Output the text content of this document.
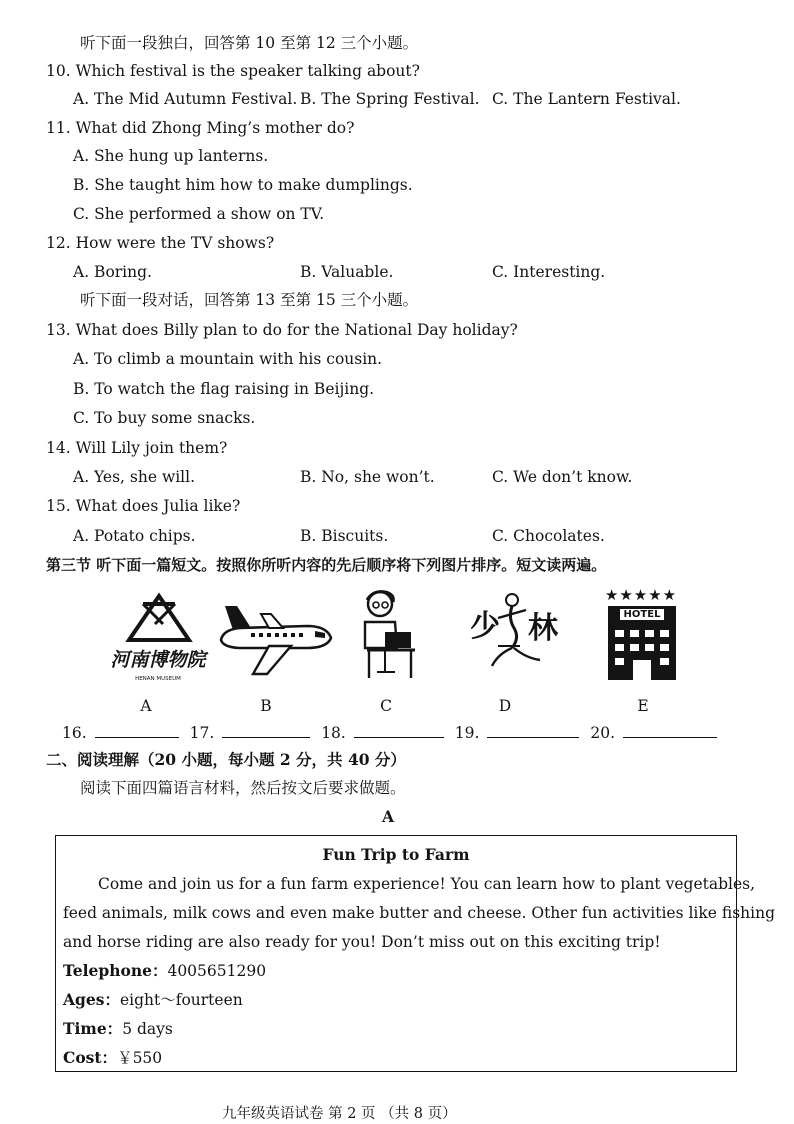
听下面一段独白，回答第 10 至第 12 三个小题。
10. Which festival is the speaker talking about?
A. The Mid Autumn Festival. B. The Spring Festival. C. The Lantern Festival.
11. What did Zhong Ming’s mother do?
A. She hung up lanterns.
B. She taught him how to make dumplings.
C. She performed a show on TV.
12. How were the TV shows?
A. Boring.	B. Valuable.	C. Interesting.
听下面一段对话，回答第 13 至第 15 三个小题。
13. What does Billy plan to do for the National Day holiday?
A. To climb a mountain with his cousin.
B. To watch the flag raising in Beijing.
C. To buy some snacks.
14. Will Lily join them?
A. Yes, she will.	B. No, she won’t.	C. We don’t know.
15. What does Julia like?
A. Potato chips.	B. Biscuits.	C. Chocolates.
第三节 听下面一篇短文。按照你所听内容的先后顺序将下列图片排序。短文读两遍。
河南博物院
HENAN MUSEUM
少 林
★★★★★
HOTEL
A	B	C	D	E
16.	17.	18.	19.	20.
二、阅读理解（20 小题，每小题 2 分，共 40 分）
阅读下面四篇语言材料，然后按文后要求做题。
A
Fun Trip to Farm
Come and join us for a fun farm experience! You can learn how to plant vegetables,
feed animals, milk cows and even make butter and cheese. Other fun activities like fishing
and horse riding are also ready for you! Don’t miss out on this exciting trip!
Telephone：4005651290
Ages：eight～fourteen
Time：5 days
Cost：￥550
九年级英语试卷 第 2 页 （共 8 页）
